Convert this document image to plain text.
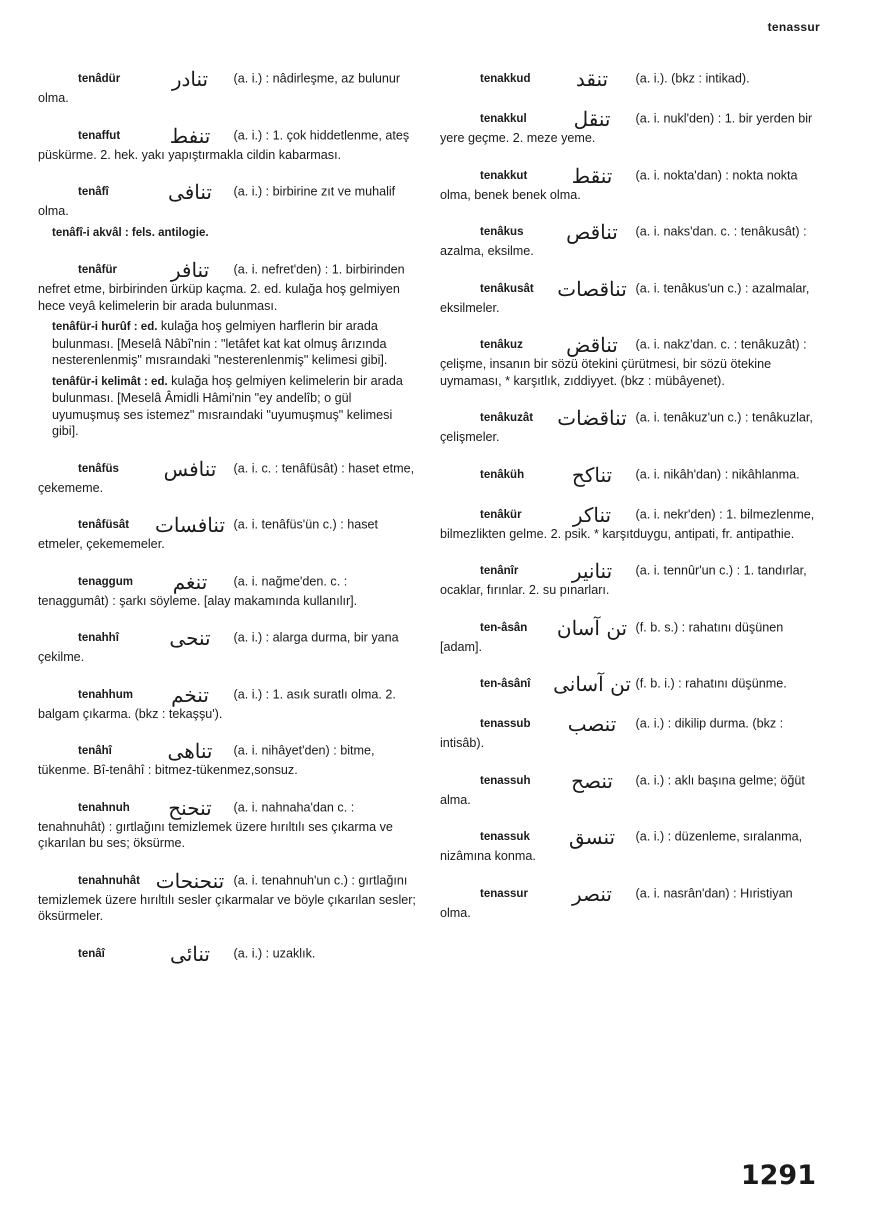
tenassur
tenâdür	تنادر (a. i.) : nâdirleşme, az bulunur olma.
tenaffut تنفط (a. i.) : 1. çok hiddetlenme, ateş püskürme. 2. hek. yakı yapıştırmakla cildin kabarması.
tenâfî	تنافى (a. i.) : birbirine zıt ve muhalif olma.
tenâfî-i akvâl : fels. antilogie.
tenâfür	تنافر (a. i. nefret'den) : 1. birbirinden nefret etme, birbirinden ürküp kaçma. 2. ed. kulağa hoş gelmiyen hece veyâ kelimelerin bir arada bulunması.
tenâfür-i hurûf : ed. kulağa hoş gelmiyen harflerin bir arada bulunması. [Meselâ Nâbî'nin : "letâfet kat kat olmuş ârızında nesterenlenmiş" mısraındaki "nesterenlenmiş" kelimesi gibi].
tenâfür-i kelimât : ed. kulağa hoş gelmiyen kelimelerin bir arada bulunması. [Meselâ Âmidli Hâmi'nin "ey andelîb; o gül uyumuşmuş ses istemez" mısraındaki "uyumuşmuş" kelimesi gibi].
tenâfüs تنافس (a. i. c. : tenâfüsât) : haset etme, çekememe.
tenâfüsât تنافسات (a. i. tenâfüs'ün c.) : haset etmeler, çekememeler.
tenaggum تنغم (a. i. nağme'den. c. : tenaggumât) : şarkı söyleme. [alay makamında kullanılır].
tenahhî	تنحى (a. i.) : alarga durma, bir yana çekilme.
tenahhum تنخم (a. i.) : 1. asık suratlı olma. 2. balgam çıkarma. (bkz : tekaşşu').
tenâhî	تناهى (a. i. nihâyet'den) : bitme, tükenme. Bî-tenâhî : bitmez-tükenmez,sonsuz.
tenahnuh تنحنح (a. i. nahnaha'dan c. : tenahnuhât) : gırtlağını temizlemek üzere hırıltılı ses çıkarma ve çıkarılan bu ses; öksürme.
tenahnuhât تنحنحات (a. i. tenahnuh'un c.) : gırtlağını temizlemek üzere hırıltılı sesler çıkarmalar ve böyle çıkarılan sesler; öksürmeler.
tenâî	تنائى (a. i.) : uzaklık.
tenakkud تنقد (a. i.). (bkz : intikad).
tenakkul تنقل (a. i. nukl'den) : 1. bir yerden bir yere geçme. 2. meze yeme.
tenakkut تنقط (a. i. nokta'dan) : nokta nokta olma, benek benek olma.
tenâkus تناقص (a. i. naks'dan. c. : tenâkusât) : azalma, eksilme.
tenâkusât تناقصات (a. i. tenâkus'un c.) : azalmalar, eksilmeler.
tenâkuz تناقض (a. i. nakz'dan. c. : tenâkuzât) : çelişme, insanın bir sözü ötekini çürütmesi, bir sözü ötekine uymaması, * karşıtlık, zıddiyyet. (bkz : mübâyenet).
tenâkuzât تناقضات (a. i. tenâkuz'un c.) : tenâkuzlar, çelişmeler.
tenâküh تناكح (a. i. nikâh'dan) : nikâhlanma.
tenâkür	تناكر (a. i. nekr'den) : 1. bilmezlenme, bilmezlikten gelme. 2. psik. * karşıtduygu, antipati, fr. antipathie.
tenânîr	تنانير (a. i. tennûr'un c.) : 1. tandırlar, ocaklar, fırınlar. 2. su pınarları.
ten-âsân تن آسان (f. b. s.) : rahatını düşünen [adam].
ten-âsânî تن آسانى (f. b. i.) : rahatını düşünme.
tenassub تنصب (a. i.) : dikilip durma. (bkz : intisâb).
tenassuh تنصح (a. i.) : aklı başına gelme; öğüt alma.
tenassuk تنسق (a. i.) : düzenleme, sıralanma, nizâmına konma.
tenassur تنصر (a. i. nasrân'dan) : Hıristiyan olma.
1291
